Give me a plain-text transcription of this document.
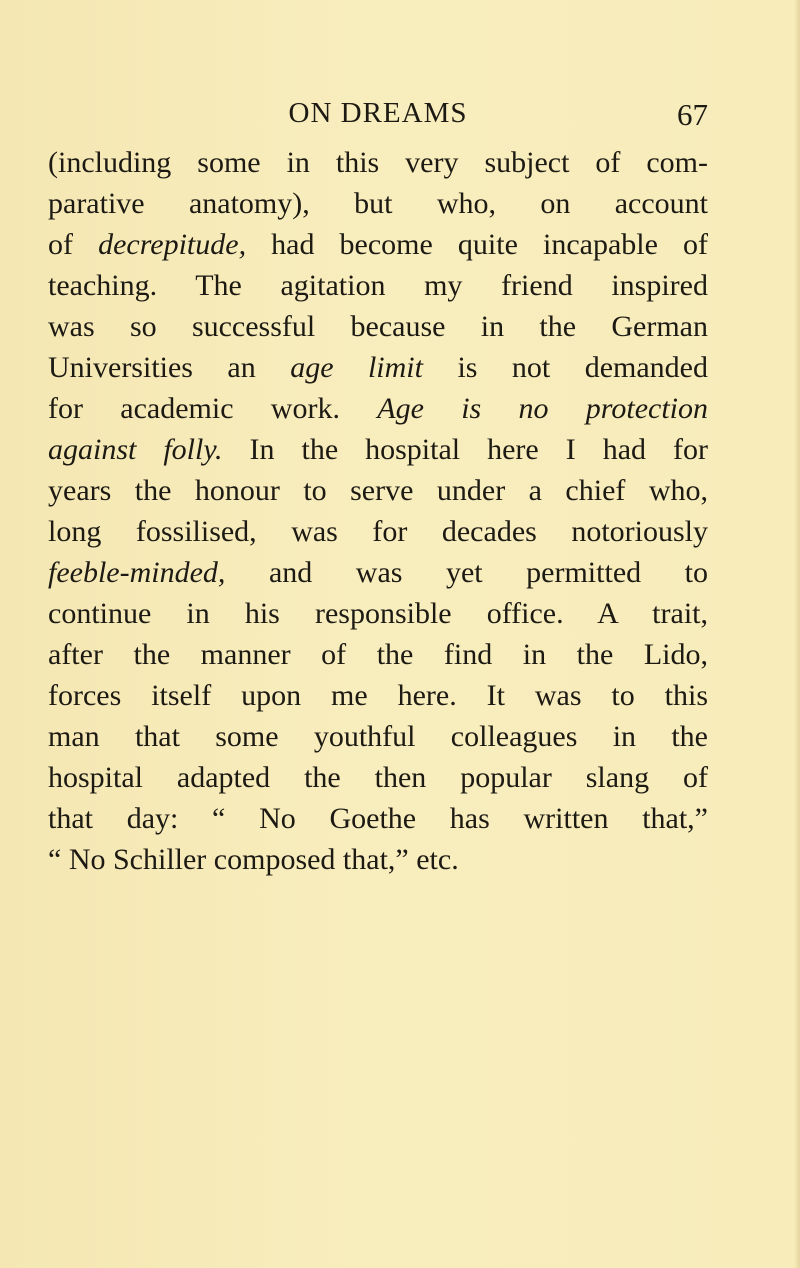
ON DREAMS	67
(including some in this very subject of com-
parative anatomy), but who, on account
of decrepitude, had become quite incapable of
teaching. The agitation my friend inspired
was so successful because in the German
Universities an age limit is not demanded
for academic work. Age is no protection
against folly. In the hospital here I had for
years the honour to serve under a chief who,
long fossilised, was for decades notoriously
feeble-minded, and was yet permitted to
continue in his responsible office. A trait,
after the manner of the find in the Lido,
forces itself upon me here. It was to this
man that some youthful colleagues in the
hospital adapted the then popular slang of
that day: “ No Goethe has written that,”
“ No Schiller composed that,” etc.
